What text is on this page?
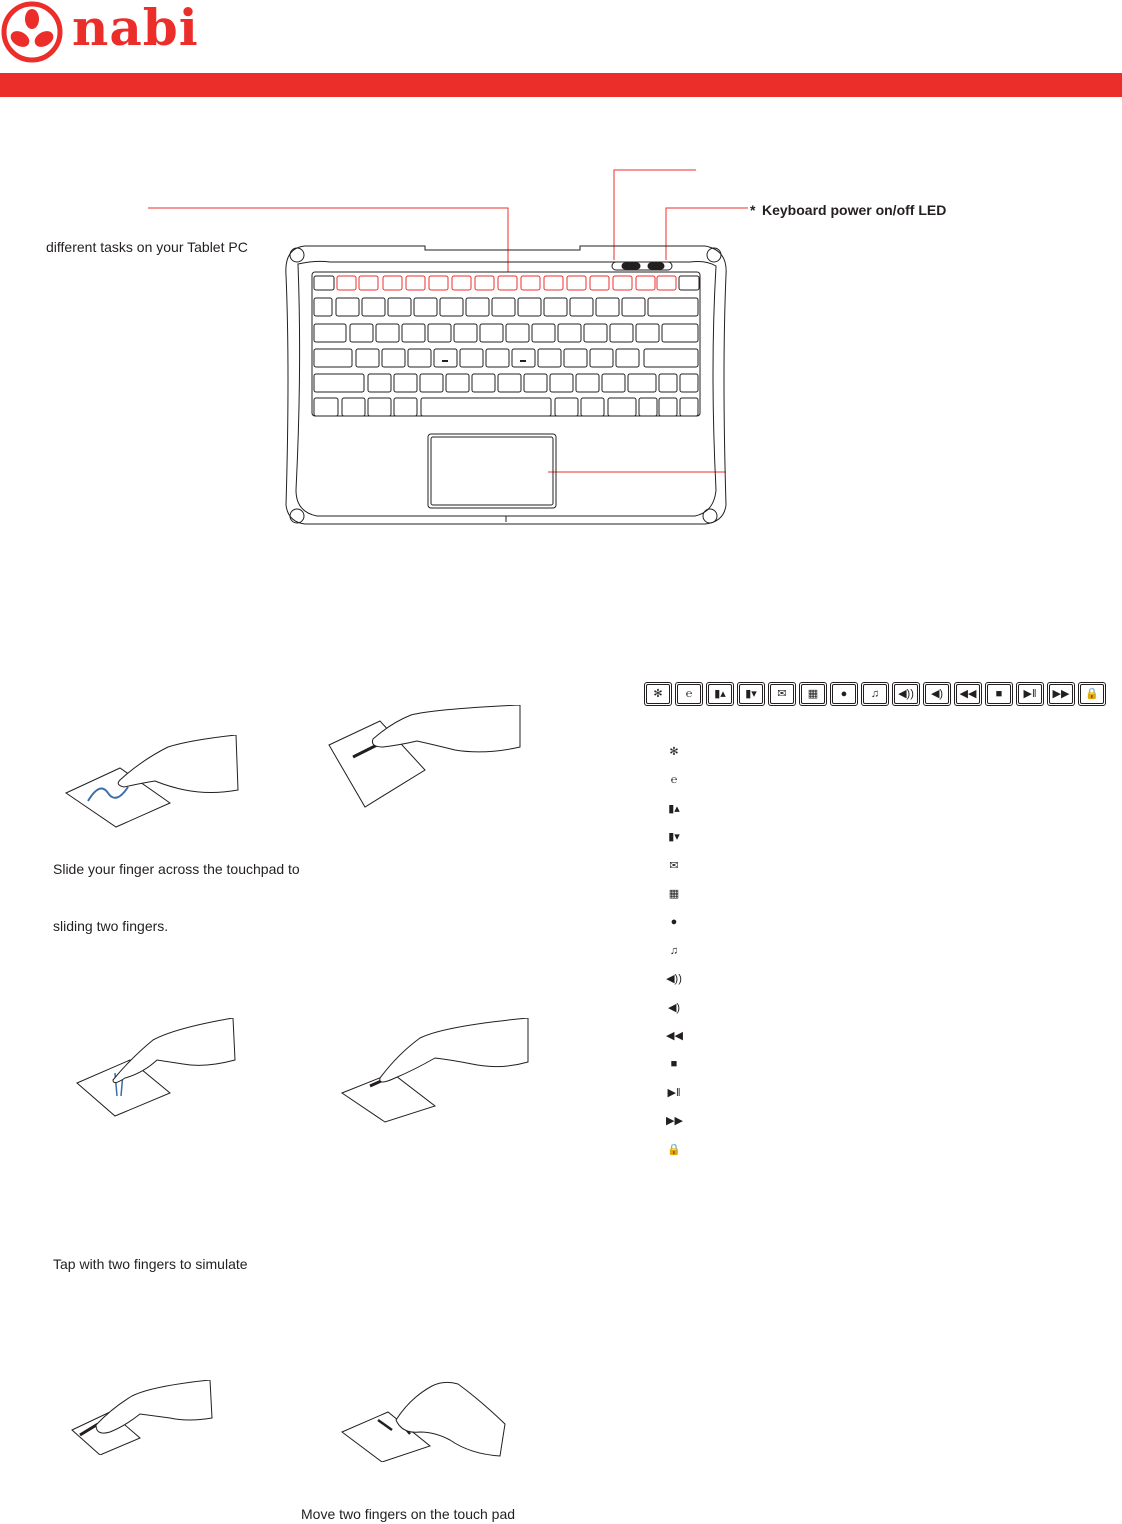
nabi
different tasks on your Tablet PC
* Keyboard power on/off LED
✻	℮	▮▴	▮▾	✉	▦	●	♫	◀))	◀)	◀◀	■	▶ǁ	▶▶	🔒
Slide your finger across the touchpad to
sliding two fingers.
Tap with two fingers to simulate
Move two fingers on the touch pad
✻
℮
▮▴
▮▾
✉
▦
●
♫
◀))
◀)
◀◀
■
▶ǁ
▶▶
🔒
